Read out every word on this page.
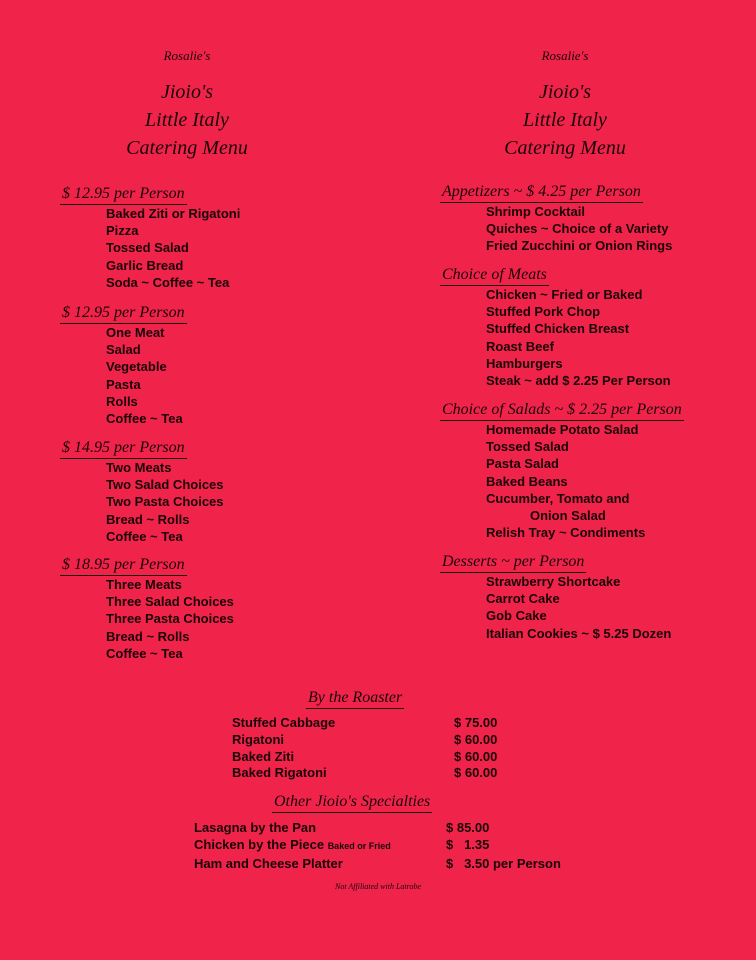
Rosalie's
Jioio's
Little Italy
Catering Menu
Rosalie's
Jioio's
Little Italy
Catering Menu
$ 12.95 per Person
Baked Ziti or Rigatoni
Pizza
Tossed Salad
Garlic Bread
Soda ~ Coffee ~ Tea
$ 12.95 per Person
One Meat
Salad
Vegetable
Pasta
Rolls
Coffee ~ Tea
$ 14.95 per Person
Two Meats
Two Salad Choices
Two Pasta Choices
Bread ~ Rolls
Coffee ~ Tea
$ 18.95 per Person
Three Meats
Three Salad Choices
Three Pasta Choices
Bread ~ Rolls
Coffee ~ Tea
Appetizers ~ $ 4.25 per Person
Shrimp Cocktail
Quiches ~ Choice of a Variety
Fried Zucchini or Onion Rings
Choice of Meats
Chicken ~ Fried or Baked
Stuffed Pork Chop
Stuffed Chicken Breast
Roast Beef
Hamburgers
Steak ~ add $ 2.25 Per Person
Choice of Salads ~ $ 2.25 per Person
Homemade Potato Salad
Tossed Salad
Pasta Salad
Baked Beans
Cucumber, Tomato and
Onion Salad
Relish Tray ~ Condiments
Desserts ~ per Person
Strawberry Shortcake
Carrot Cake
Gob Cake
Italian Cookies ~ $ 5.25 Dozen
By the Roaster
Stuffed Cabbage	$ 75.00
Rigatoni	$ 60.00
Baked Ziti	$ 60.00
Baked Rigatoni	$ 60.00
Other Jioio's Specialties
Lasagna by the Pan	$ 85.00
Chicken by the Piece Baked or Fried	$   1.35
Ham and Cheese Platter	$   3.50 per Person
Not Affiliated with Latrobe
